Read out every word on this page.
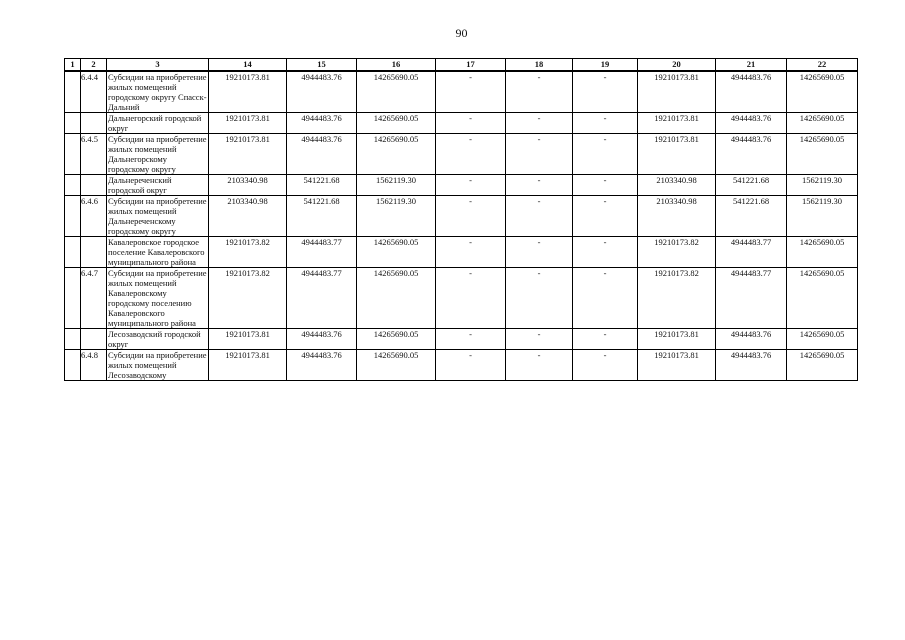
90
1	2	3	14	15	16	17	18	19	20	21	22
	6.4.4	Субсидии на приобретение жилых помещений городскому округу Спасск-Дальний	19210173.81	4944483.76	14265690.05	-	-	-	19210173.81	4944483.76	14265690.05
		Дальнегорский городской округ	19210173.81	4944483.76	14265690.05	-	-	-	19210173.81	4944483.76	14265690.05
	6.4.5	Субсидии на приобретение жилых помещений Дальнегорскому городскому округу	19210173.81	4944483.76	14265690.05	-	-	-	19210173.81	4944483.76	14265690.05
		Дальнереченский городской округ	2103340.98	541221.68	1562119.30	-	-	-	2103340.98	541221.68	1562119.30
	6.4.6	Субсидии на приобретение жилых помещений Дальнереченскому городскому округу	2103340.98	541221.68	1562119.30	-	-	-	2103340.98	541221.68	1562119.30
		Кавалеровское городское поселение Кавалеровского муниципального района	19210173.82	4944483.77	14265690.05	-	-	-	19210173.82	4944483.77	14265690.05
	6.4.7	Субсидии на приобретение жилых помещений Кавалеровскому городскому поселению Кавалеровского муниципального района	19210173.82	4944483.77	14265690.05	-	-	-	19210173.82	4944483.77	14265690.05
		Лесозаводский городской округ	19210173.81	4944483.76	14265690.05	-	-	-	19210173.81	4944483.76	14265690.05
	6.4.8	Субсидии на приобретение жилых помещений Лесозаводскому	19210173.81	4944483.76	14265690.05	-	-	-	19210173.81	4944483.76	14265690.05
